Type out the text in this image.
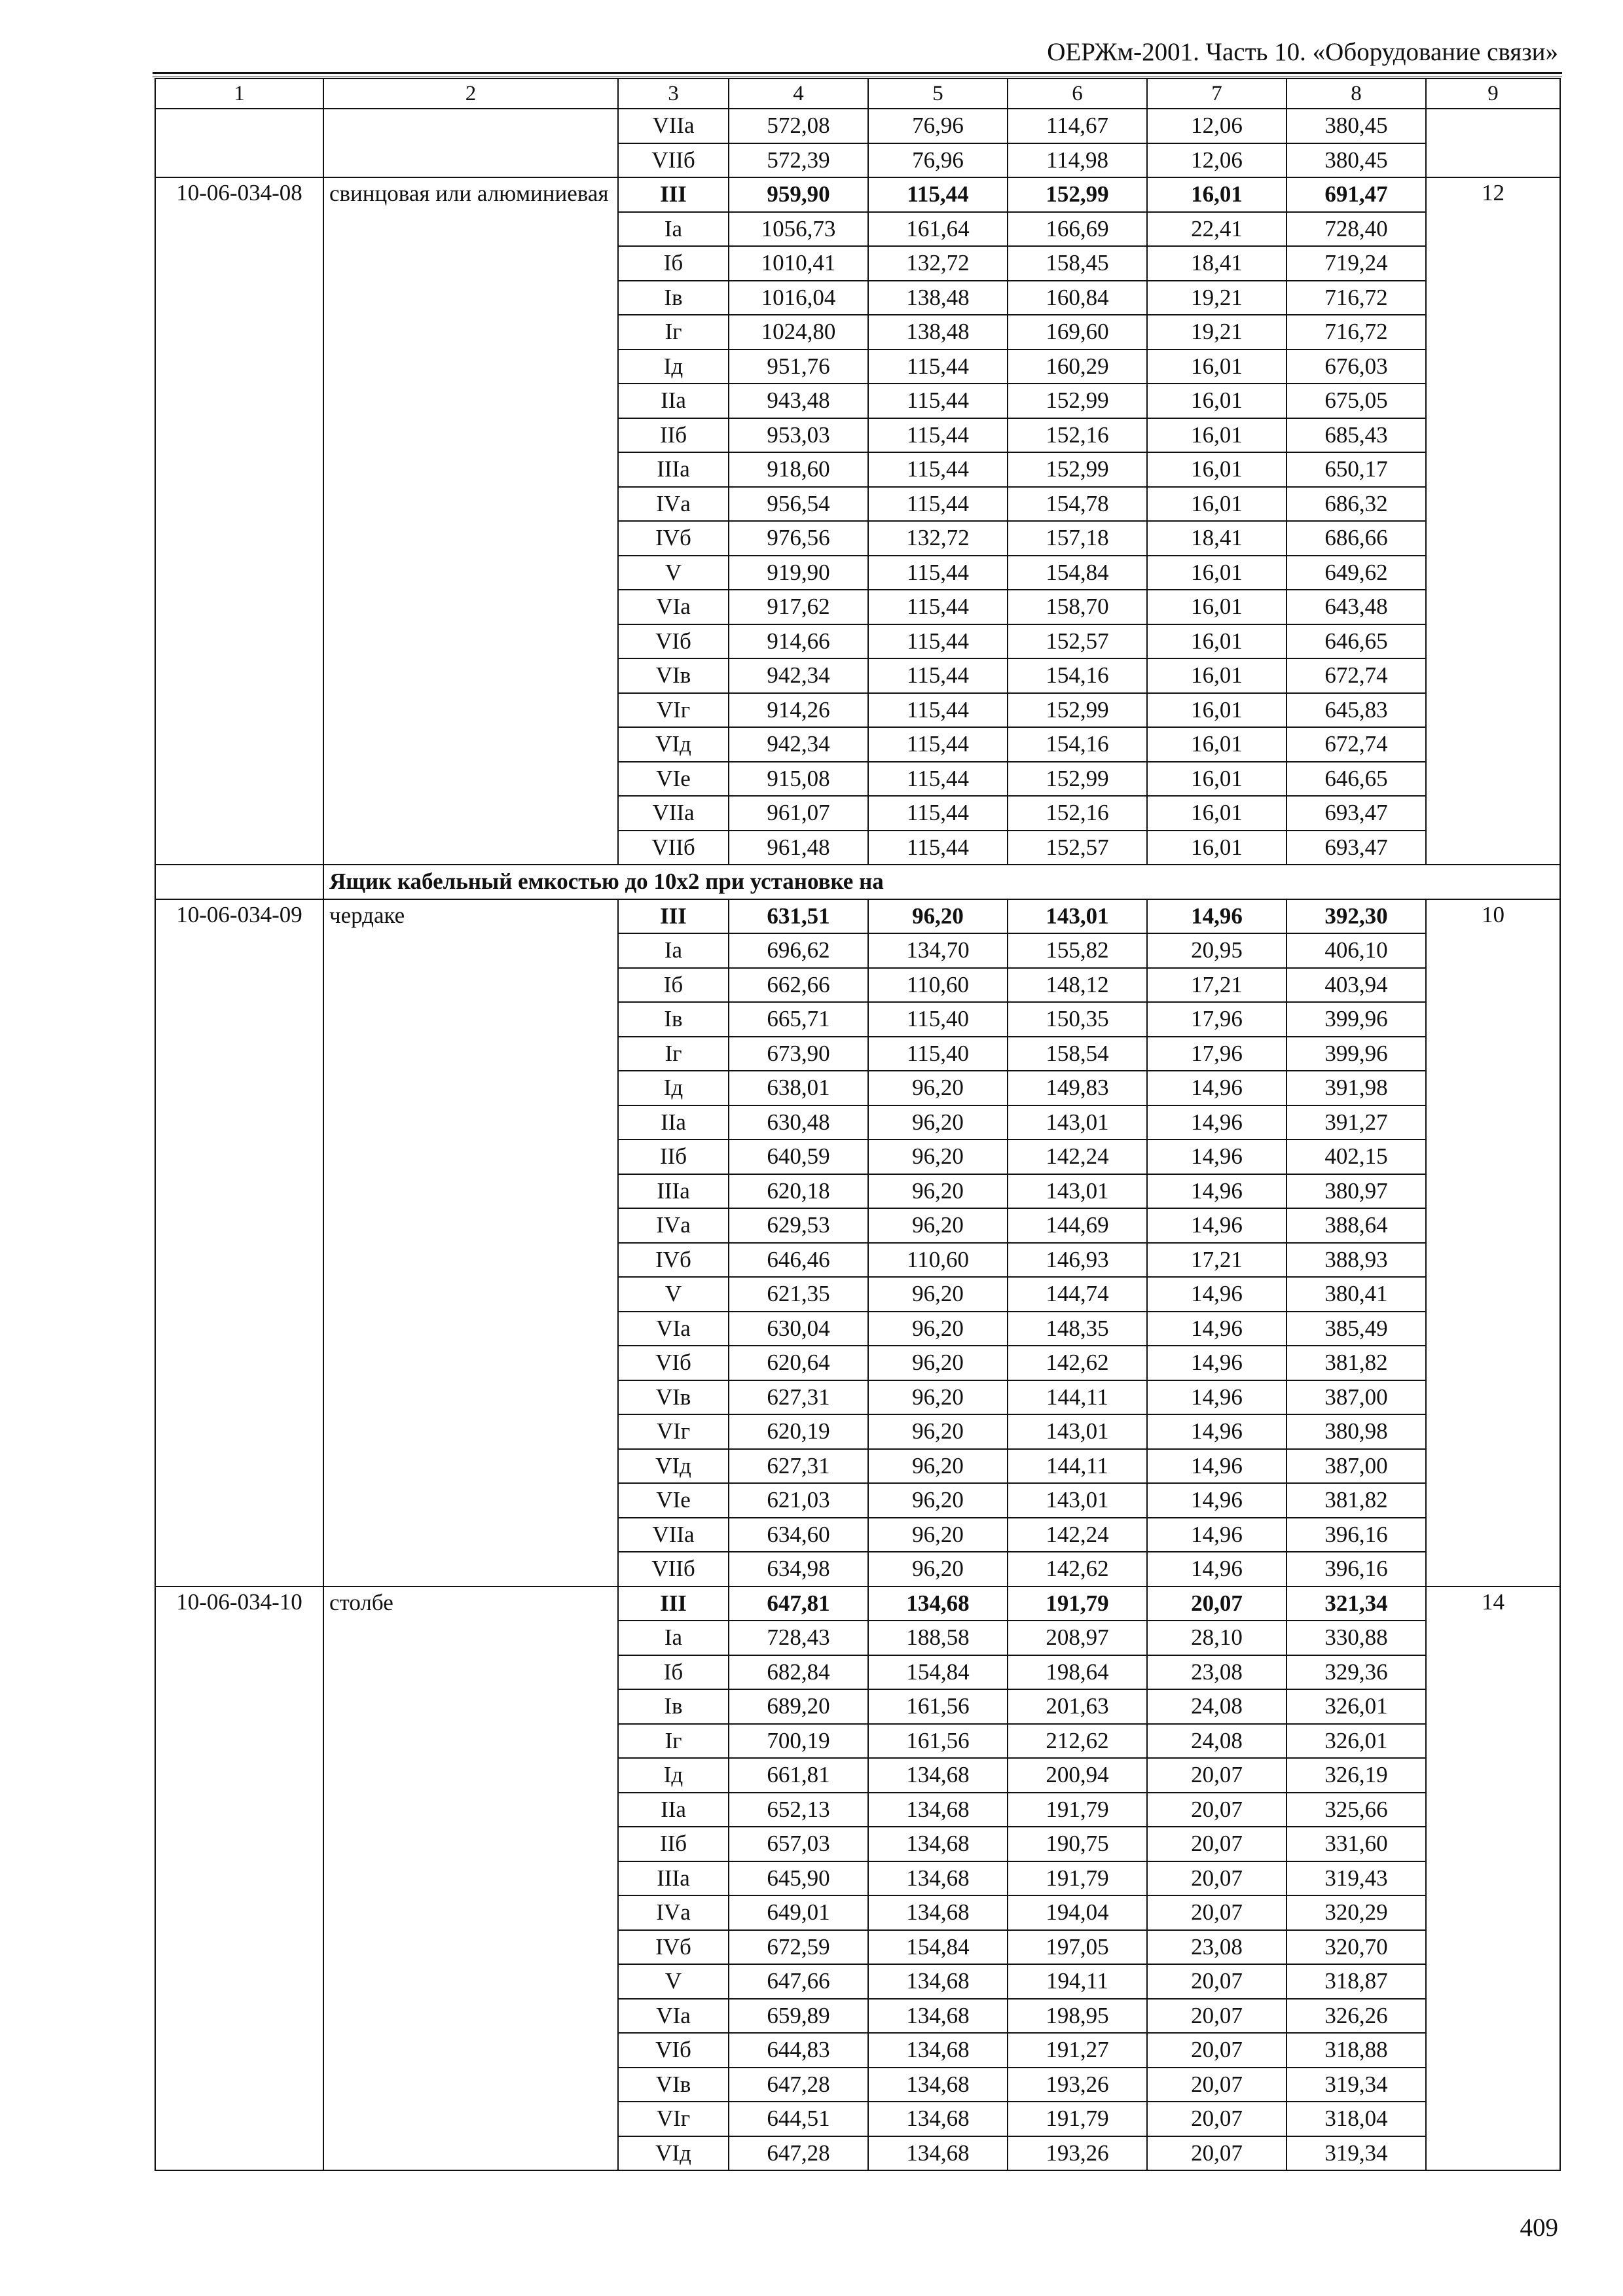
ОЕРЖм-2001. Часть 10. «Оборудование связи»
1	2	3	4	5	6	7	8	9
		VIIа	572,08	76,96	114,67	12,06	380,45	
		VIIб	572,39	76,96	114,98	12,06	380,45	
10-06-034-08	свинцовая или алюминиевая	III	959,90	115,44	152,99	16,01	691,47	12
		Iа	1056,73	161,64	166,69	22,41	728,40	
		Iб	1010,41	132,72	158,45	18,41	719,24	
		Iв	1016,04	138,48	160,84	19,21	716,72	
		Iг	1024,80	138,48	169,60	19,21	716,72	
		Iд	951,76	115,44	160,29	16,01	676,03	
		IIа	943,48	115,44	152,99	16,01	675,05	
		IIб	953,03	115,44	152,16	16,01	685,43	
		IIIа	918,60	115,44	152,99	16,01	650,17	
		IVа	956,54	115,44	154,78	16,01	686,32	
		IVб	976,56	132,72	157,18	18,41	686,66	
		V	919,90	115,44	154,84	16,01	649,62	
		VIа	917,62	115,44	158,70	16,01	643,48	
		VIб	914,66	115,44	152,57	16,01	646,65	
		VIв	942,34	115,44	154,16	16,01	672,74	
		VIг	914,26	115,44	152,99	16,01	645,83	
		VIд	942,34	115,44	154,16	16,01	672,74	
		VIе	915,08	115,44	152,99	16,01	646,65	
		VIIа	961,07	115,44	152,16	16,01	693,47	
		VIIб	961,48	115,44	152,57	16,01	693,47	
	Ящик кабельный емкостью до 10х2 при установке на							
10-06-034-09	чердаке	III	631,51	96,20	143,01	14,96	392,30	10
		Iа	696,62	134,70	155,82	20,95	406,10	
		Iб	662,66	110,60	148,12	17,21	403,94	
		Iв	665,71	115,40	150,35	17,96	399,96	
		Iг	673,90	115,40	158,54	17,96	399,96	
		Iд	638,01	96,20	149,83	14,96	391,98	
		IIа	630,48	96,20	143,01	14,96	391,27	
		IIб	640,59	96,20	142,24	14,96	402,15	
		IIIа	620,18	96,20	143,01	14,96	380,97	
		IVа	629,53	96,20	144,69	14,96	388,64	
		IVб	646,46	110,60	146,93	17,21	388,93	
		V	621,35	96,20	144,74	14,96	380,41	
		VIа	630,04	96,20	148,35	14,96	385,49	
		VIб	620,64	96,20	142,62	14,96	381,82	
		VIв	627,31	96,20	144,11	14,96	387,00	
		VIг	620,19	96,20	143,01	14,96	380,98	
		VIд	627,31	96,20	144,11	14,96	387,00	
		VIе	621,03	96,20	143,01	14,96	381,82	
		VIIа	634,60	96,20	142,24	14,96	396,16	
		VIIб	634,98	96,20	142,62	14,96	396,16	
10-06-034-10	столбе	III	647,81	134,68	191,79	20,07	321,34	14
		Iа	728,43	188,58	208,97	28,10	330,88	
		Iб	682,84	154,84	198,64	23,08	329,36	
		Iв	689,20	161,56	201,63	24,08	326,01	
		Iг	700,19	161,56	212,62	24,08	326,01	
		Iд	661,81	134,68	200,94	20,07	326,19	
		IIа	652,13	134,68	191,79	20,07	325,66	
		IIб	657,03	134,68	190,75	20,07	331,60	
		IIIа	645,90	134,68	191,79	20,07	319,43	
		IVа	649,01	134,68	194,04	20,07	320,29	
		IVб	672,59	154,84	197,05	23,08	320,70	
		V	647,66	134,68	194,11	20,07	318,87	
		VIа	659,89	134,68	198,95	20,07	326,26	
		VIб	644,83	134,68	191,27	20,07	318,88	
		VIв	647,28	134,68	193,26	20,07	319,34	
		VIг	644,51	134,68	191,79	20,07	318,04	
		VIд	647,28	134,68	193,26	20,07	319,34	
409
